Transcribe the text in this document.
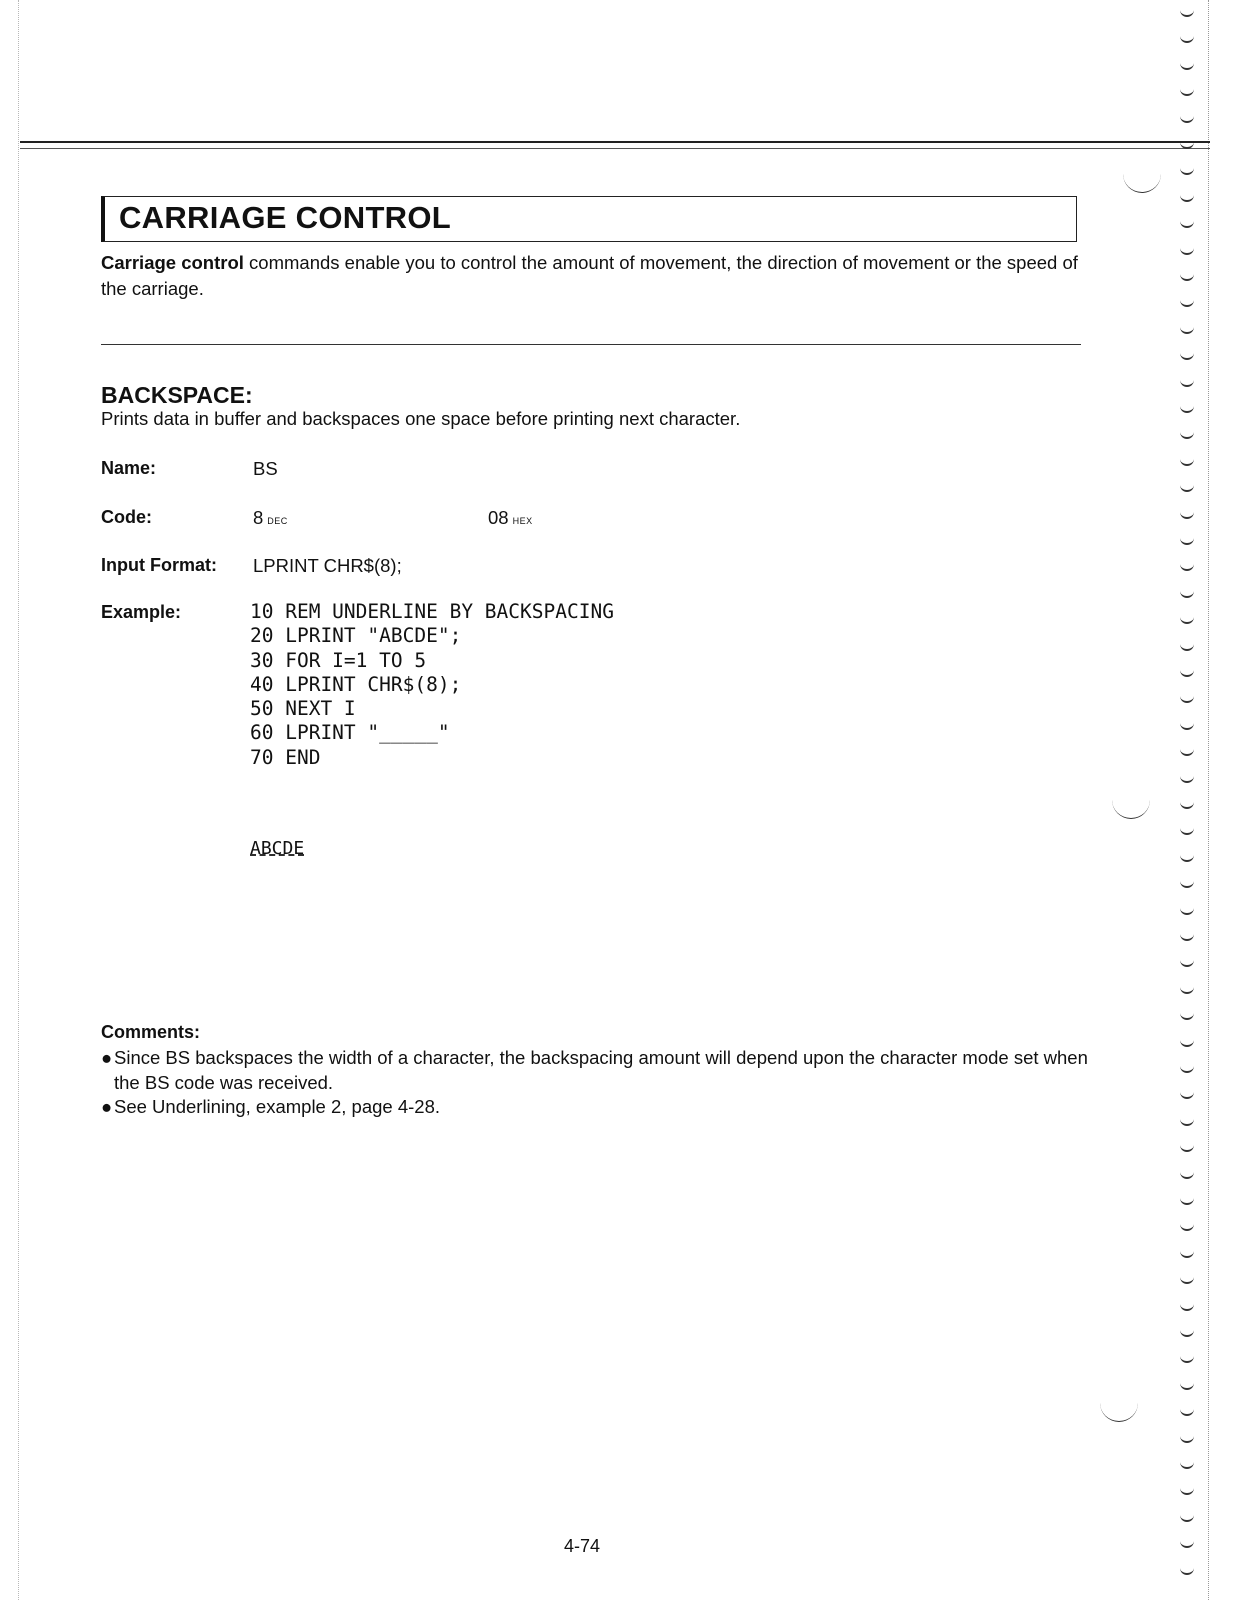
CARRIAGE CONTROL
Carriage control commands enable you to control the amount of movement, the direction of movement or the speed of the carriage.
BACKSPACE:
Prints data in buffer and backspaces one space before printing next character.
Name:	BS
Code:	8 DEC	08 HEX
Input Format: LPRINT CHR$(8);
Example:	10 REM UNDERLINE BY BACKSPACING
20 LPRINT "ABCDE";
30 FOR I=1 TO 5
40 LPRINT CHR$(8);
50 NEXT I
60 LPRINT "_____"
70 END
ABCDE
Comments:
● Since BS backspaces the width of a character, the backspacing amount will depend upon the character mode set when the BS code was received.
● See Underlining, example 2, page 4-28.
4-74
